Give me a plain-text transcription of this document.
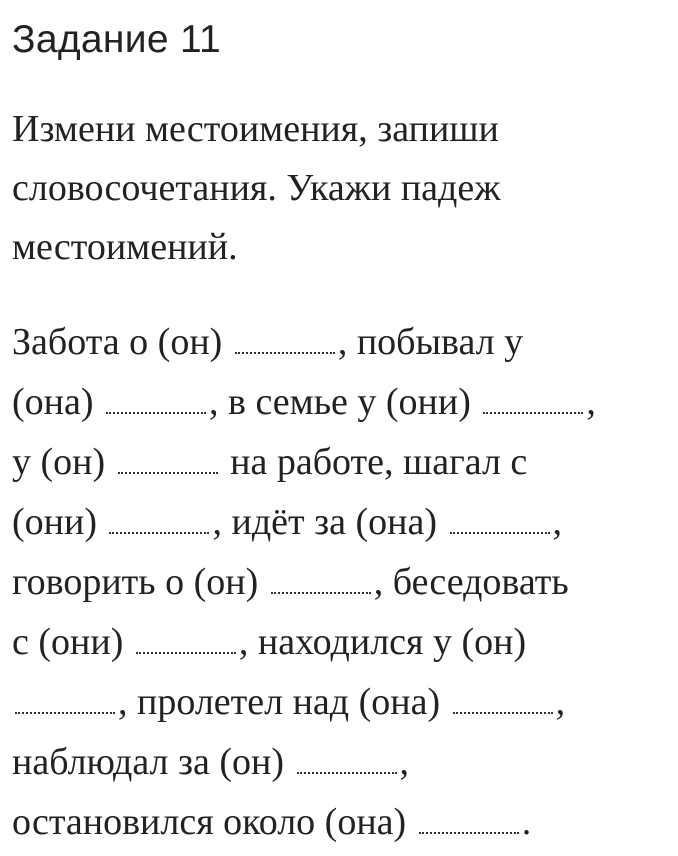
Задание 11
Измени местоимения, запиши
словосочетания. Укажи падеж
местоимений.
Забота о (он)	, побывал у
(она)	, в семье у (они)	,
у (он)	на работе, шагал с
(они)	, идёт за (она)	,
говорить о (он)	, беседовать
с (они)	, находился у (он)
, пролетел над (она)	,
наблюдал за (он)	,
остановился около (она)	.
